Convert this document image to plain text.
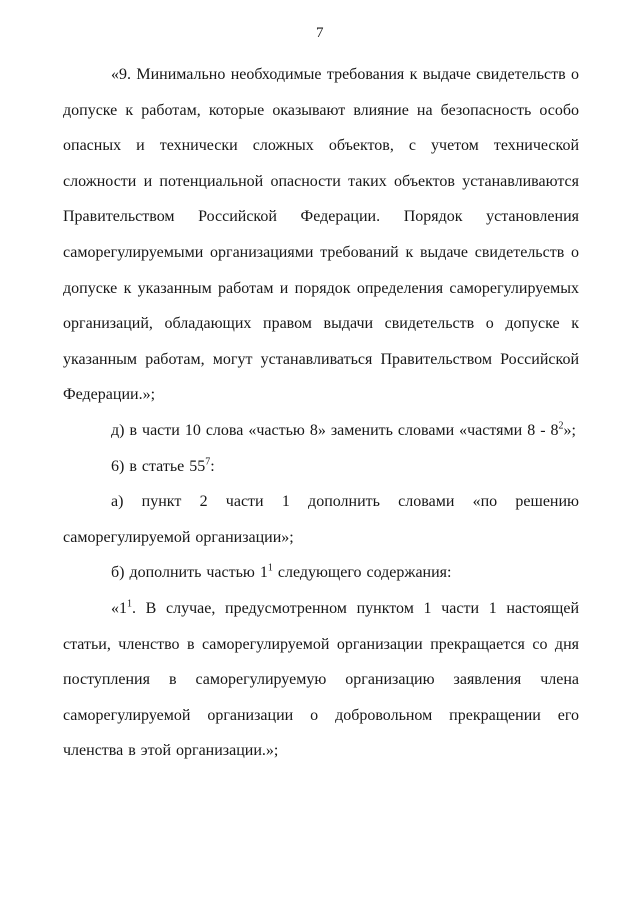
7

«9. Минимально необходимые требования к выдаче свидетельств о допуске к работам, которые оказывают влияние на безопасность особо опасных и технически сложных объектов, с учетом технической сложности и потенциальной опасности таких объектов устанавливаются Правительством Российской Федерации. Порядок установления саморегулируемыми организациями требований к выдаче свидетельств о допуске к указанным работам и порядок определения саморегулируемых организаций, обладающих правом выдачи свидетельств о допуске к указанным работам, могут устанавливаться Правительством Российской Федерации.»;

д) в части 10 слова «частью 8» заменить словами «частями $8 - 8^2$»;

6) в статье $55^7$:

а) пункт 2 части 1 дополнить словами «по решению саморегулируемой организации»;

б) дополнить частью $1^1$ следующего содержания:

«$1^1$. В случае, предусмотренном пунктом 1 части 1 настоящей статьи, членство в саморегулируемой организации прекращается со дня поступления в саморегулируемую организацию заявления члена саморегулируемой организации о добровольном прекращении его членства в этой организации.»;
